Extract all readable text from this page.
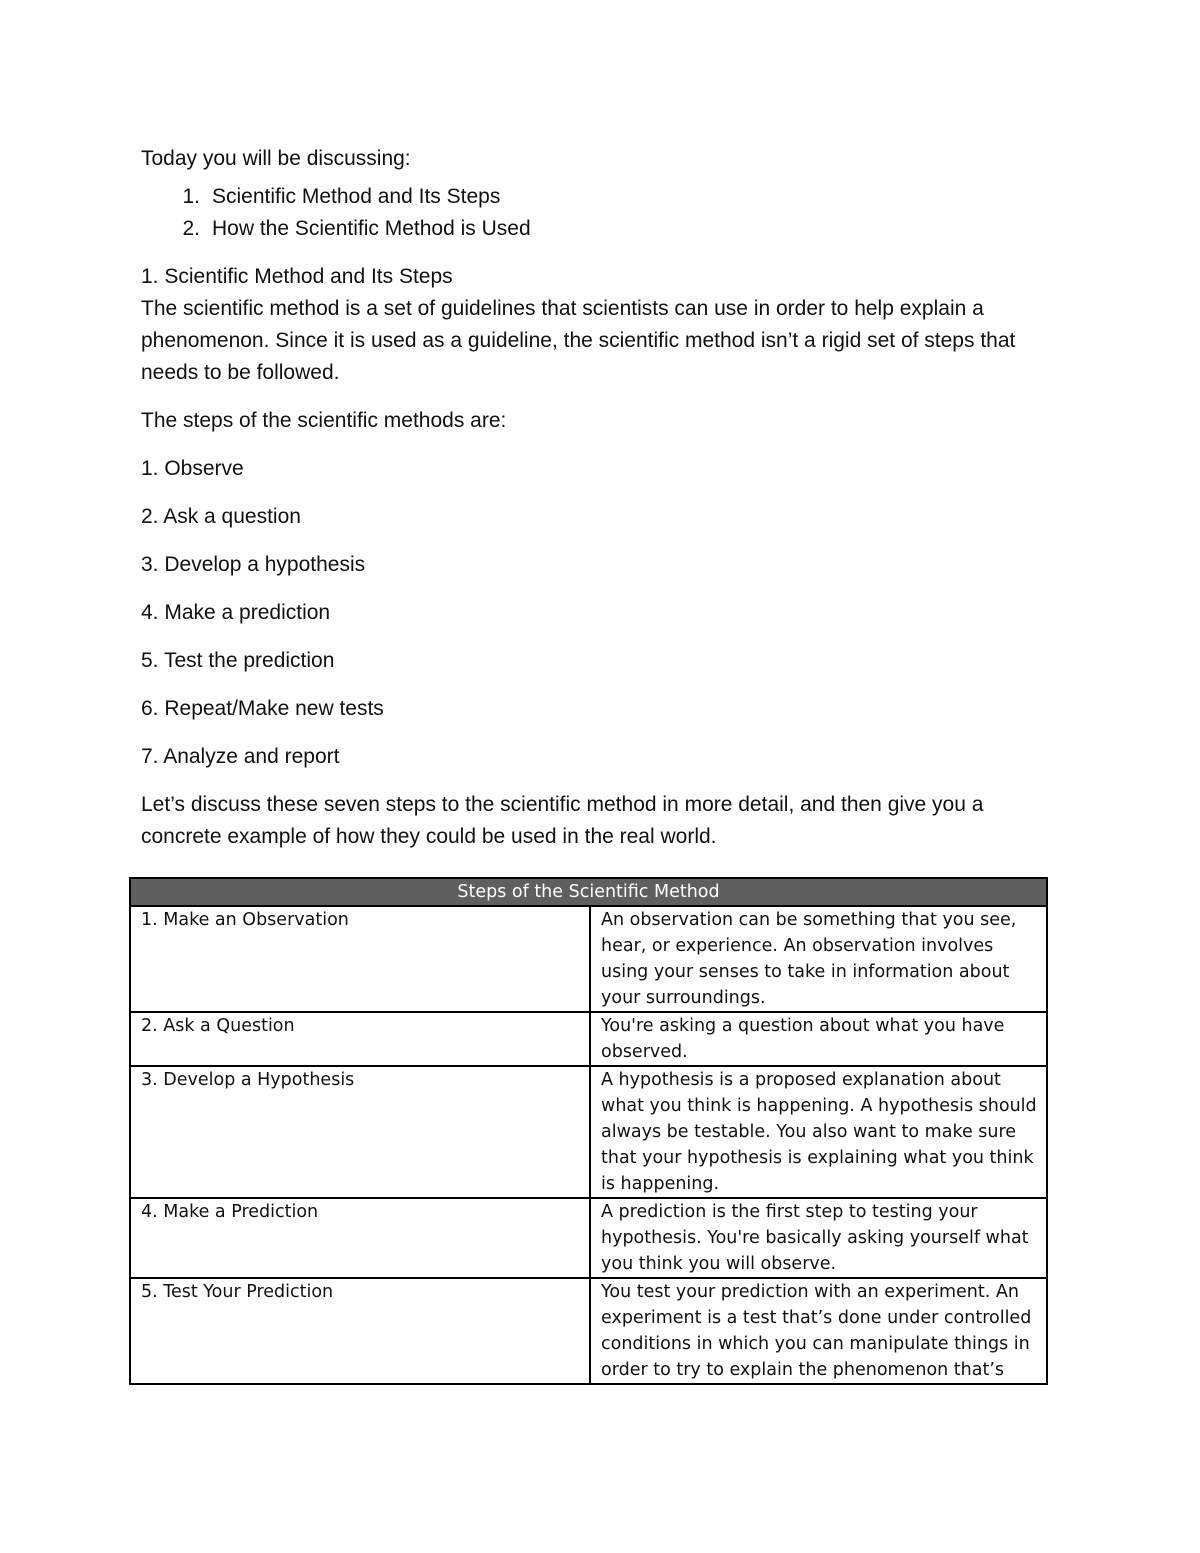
Today you will be discussing:

1. Scientific Method and Its Steps
2. How the Scientific Method is Used

1. Scientific Method and Its Steps

The scientific method is a set of guidelines that scientists can use in order to help explain a phenomenon. Since it is used as a guideline, the scientific method isn’t a rigid set of steps that needs to be followed.

The steps of the scientific methods are:

1. Observe

2. Ask a question

3. Develop a hypothesis

4. Make a prediction

5. Test the prediction

6. Repeat/Make new tests

7. Analyze and report

Let’s discuss these seven steps to the scientific method in more detail, and then give you a concrete example of how they could be used in the real world.

Steps of the Scientific Method	
1. Make an Observation	An observation can be something that you see, hear, or experience. An observation involves using your senses to take in information about your surroundings.
2. Ask a Question	You're asking a question about what you have observed.
3. Develop a Hypothesis	A hypothesis is a proposed explanation about what you think is happening. A hypothesis should always be testable. You also want to make sure that your hypothesis is explaining what you think is happening.
4. Make a Prediction	A prediction is the first step to testing your hypothesis. You're basically asking yourself what you think you will observe.
5. Test Your Prediction	You test your prediction with an experiment. An experiment is a test that’s done under controlled conditions in which you can manipulate things in order to try to explain the phenomenon that’s
